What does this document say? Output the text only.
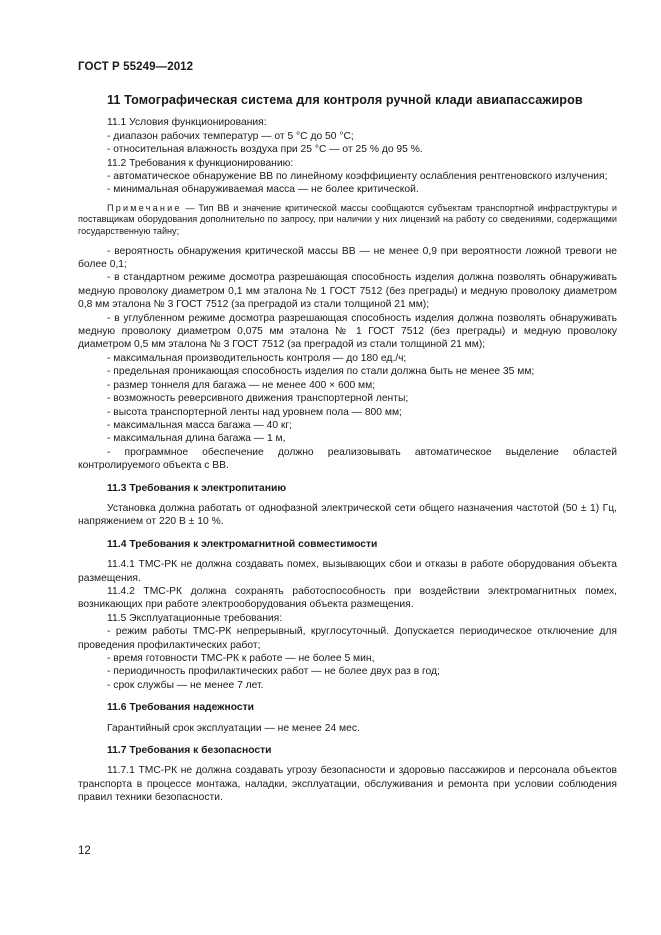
ГОСТ Р 55249—2012
11 Томографическая система для контроля ручной клади авиапассажиров

11.1 Условия функционирования:

- диапазон рабочих температур — от 5 °С до 50 °С;

- относительная влажность воздуха при 25 °С — от 25 % до 95 %.

11.2 Требования к функционированию:

- автоматическое обнаружение ВВ по линейному коэффициенту ослабления рентгеновского излучения;

- минимальная обнаруживаемая масса — не более критической.

Примечание — Тип ВВ и значение критической массы сообщаются субъектам транспортной инфраструктуры и поставщикам оборудования дополнительно по запросу, при наличии у них лицензий на работу со сведениями, содержащими государственную тайну;

- вероятность обнаружения критической массы ВВ — не менее 0,9 при вероятности ложной тревоги не более 0,1;

- в стандартном режиме досмотра разрешающая способность изделия должна позволять обнаруживать медную проволоку диаметром 0,1 мм эталона № 1 ГОСТ 7512 (без преграды) и медную проволоку диаметром 0,8 мм эталона № 3 ГОСТ 7512 (за преградой из стали толщиной 21 мм);

- в углубленном режиме досмотра разрешающая способность изделия должна позволять обнаруживать медную проволоку диаметром 0,075 мм эталона № 1 ГОСТ 7512 (без преграды) и медную проволоку диаметром 0,5 мм эталона № 3 ГОСТ 7512 (за преградой из стали толщиной 21 мм);

- максимальная производительность контроля — до 180 ед./ч;

- предельная проникающая способность изделия по стали должна быть не менее 35 мм;

- размер тоннеля для багажа — не менее 400 × 600 мм;

- возможность реверсивного движения транспортерной ленты;

- высота транспортерной ленты над уровнем пола — 800 мм;

- максимальная масса багажа — 40 кг;

- максимальная длина багажа — 1 м,

- программное обеспечение должно реализовывать автоматическое выделение областей контролируемого объекта с ВВ.

11.3 Требования к электропитанию

Установка должна работать от однофазной электрической сети общего назначения частотой (50 ± 1) Гц, напряжением от 220 В ± 10 %.

11.4 Требования к электромагнитной совместимости

11.4.1 ТМС-РК не должна создавать помех, вызывающих сбои и отказы в работе оборудования объекта размещения.

11.4.2 ТМС-РК должна сохранять работоспособность при воздействии электромагнитных помех, возникающих при работе электрооборудования объекта размещения.

11.5 Эксплуатационные требования:

- режим работы ТМС-РК непрерывный, круглосуточный. Допускается периодическое отключение для проведения профилактических работ;

- время готовности ТМС-РК к работе — не более 5 мин,

- периодичность профилактических работ — не более двух раз в год;

- срок службы — не менее 7 лет.

11.6 Требования надежности

Гарантийный срок эксплуатации — не менее 24 мес.

11.7 Требования к безопасности

11.7.1 ТМС-РК не должна создавать угрозу безопасности и здоровью пассажиров и персонала объектов транспорта в процессе монтажа, наладки, эксплуатации, обслуживания и ремонта при условии соблюдения правил техники безопасности.

12
